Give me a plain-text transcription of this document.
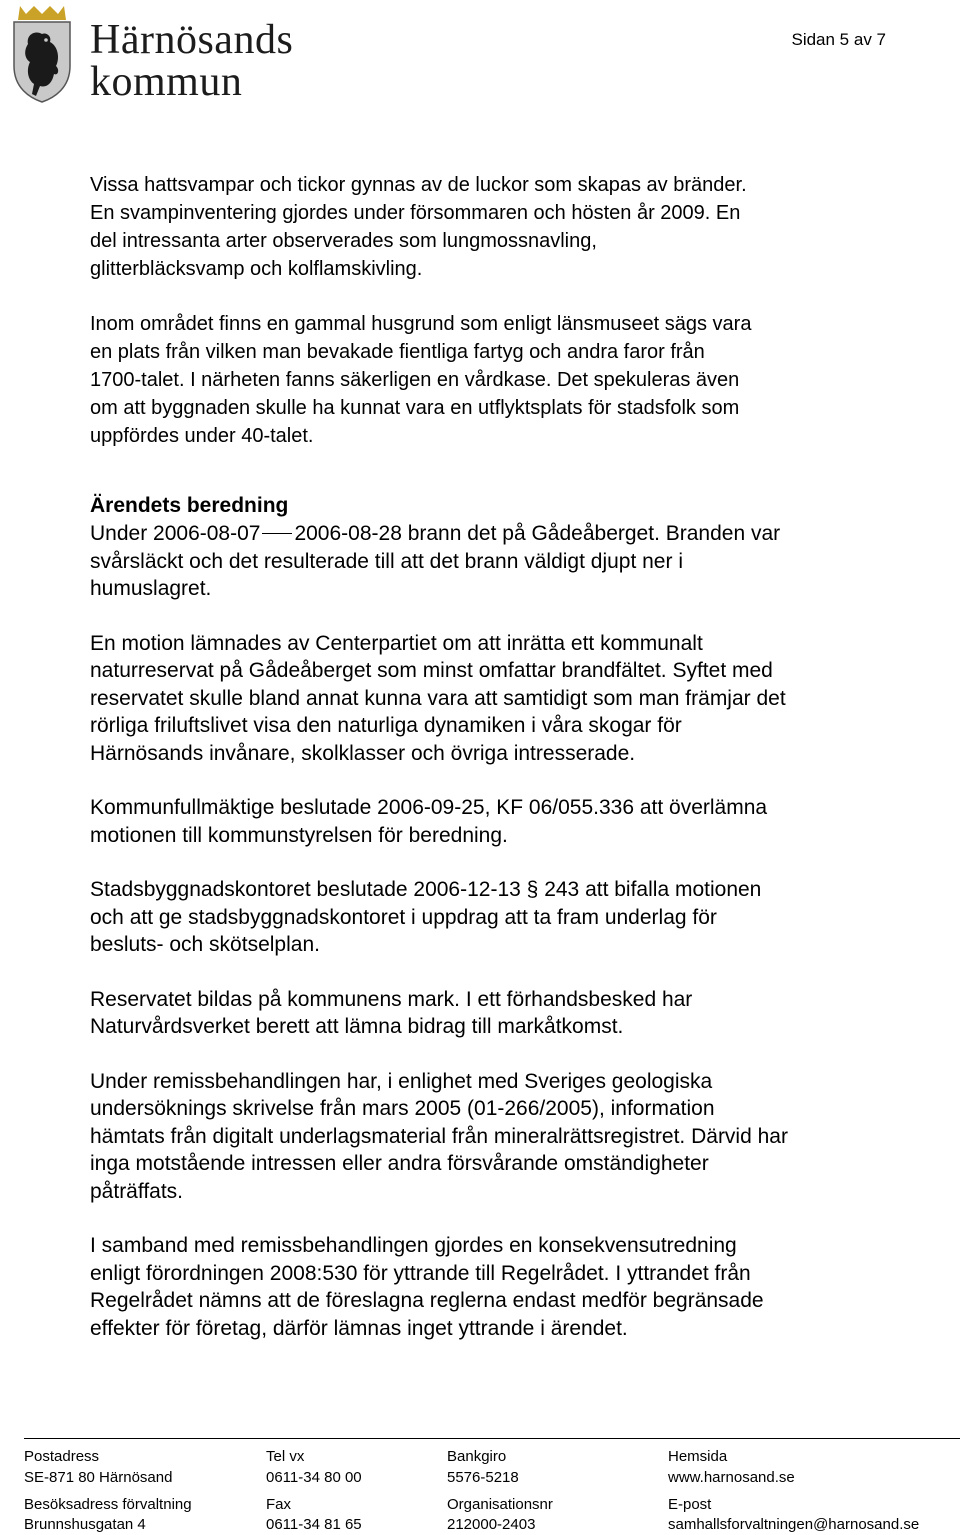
Härnösands
kommun
Sidan 5 av 7

Vissa hattsvampar och tickor gynnas av de luckor som skapas av bränder.

En svampinventering gjordes under försommaren och hösten år 2009. En

del intressanta arter observerades som lungmossnavling,

glitterbläcksvamp och kolflamskivling.

Inom området finns en gammal husgrund som enligt länsmuseet sägs vara

en plats från vilken man bevakade fientliga fartyg och andra faror från

1700-talet. I närheten fanns säkerligen en vårdkase. Det spekuleras även

om att byggnaden skulle ha kunnat vara en utflyktsplats för stadsfolk som

uppfördes under 40-talet.

Ärendets beredning

Under 2006-08-07 2006-08-28 brann det på Gådeåberget. Branden var

svårsläckt och det resulterade till att det brann väldigt djupt ner i

humuslagret.

En motion lämnades av Centerpartiet om att inrätta ett kommunalt

naturreservat på Gådeåberget som minst omfattar brandfältet. Syftet med

reservatet skulle bland annat kunna vara att samtidigt som man främjar det

rörliga friluftslivet visa den naturliga dynamiken i våra skogar för

Härnösands invånare, skolklasser och övriga intresserade.

Kommunfullmäktige beslutade 2006-09-25, KF 06/055.336 att överlämna

motionen till kommunstyrelsen för beredning.

Stadsbyggnadskontoret beslutade 2006-12-13 § 243 att bifalla motionen

och att ge stadsbyggnadskontoret i uppdrag att ta fram underlag för

besluts- och skötselplan.

Reservatet bildas på kommunens mark. I ett förhandsbesked har

Naturvårdsverket berett att lämna bidrag till markåtkomst.

Under remissbehandlingen har, i enlighet med Sveriges geologiska

undersöknings skrivelse från mars 2005 (01-266/2005), information

hämtats från digitalt underlagsmaterial från mineralrättsregistret. Därvid har

inga motstående intressen eller andra försvårande omständigheter

påträffats.

I samband med remissbehandlingen gjordes en konsekvensutredning

enligt förordningen 2008:530 för yttrande till Regelrådet. I yttrandet från

Regelrådet nämns att de föreslagna reglerna endast medför begränsade

effekter för företag, därför lämnas inget yttrande i ärendet.

Postadress
SE-871 80 Härnösand
Besöksadress förvaltning
Brunnshusgatan 4
Tel vx
0611-34 80 00
Fax
0611-34 81 65
Bankgiro
5576-5218
Organisationsnr
212000-2403
Hemsida
www.harnosand.se
E-post
samhallsforvaltningen@harnosand.se
